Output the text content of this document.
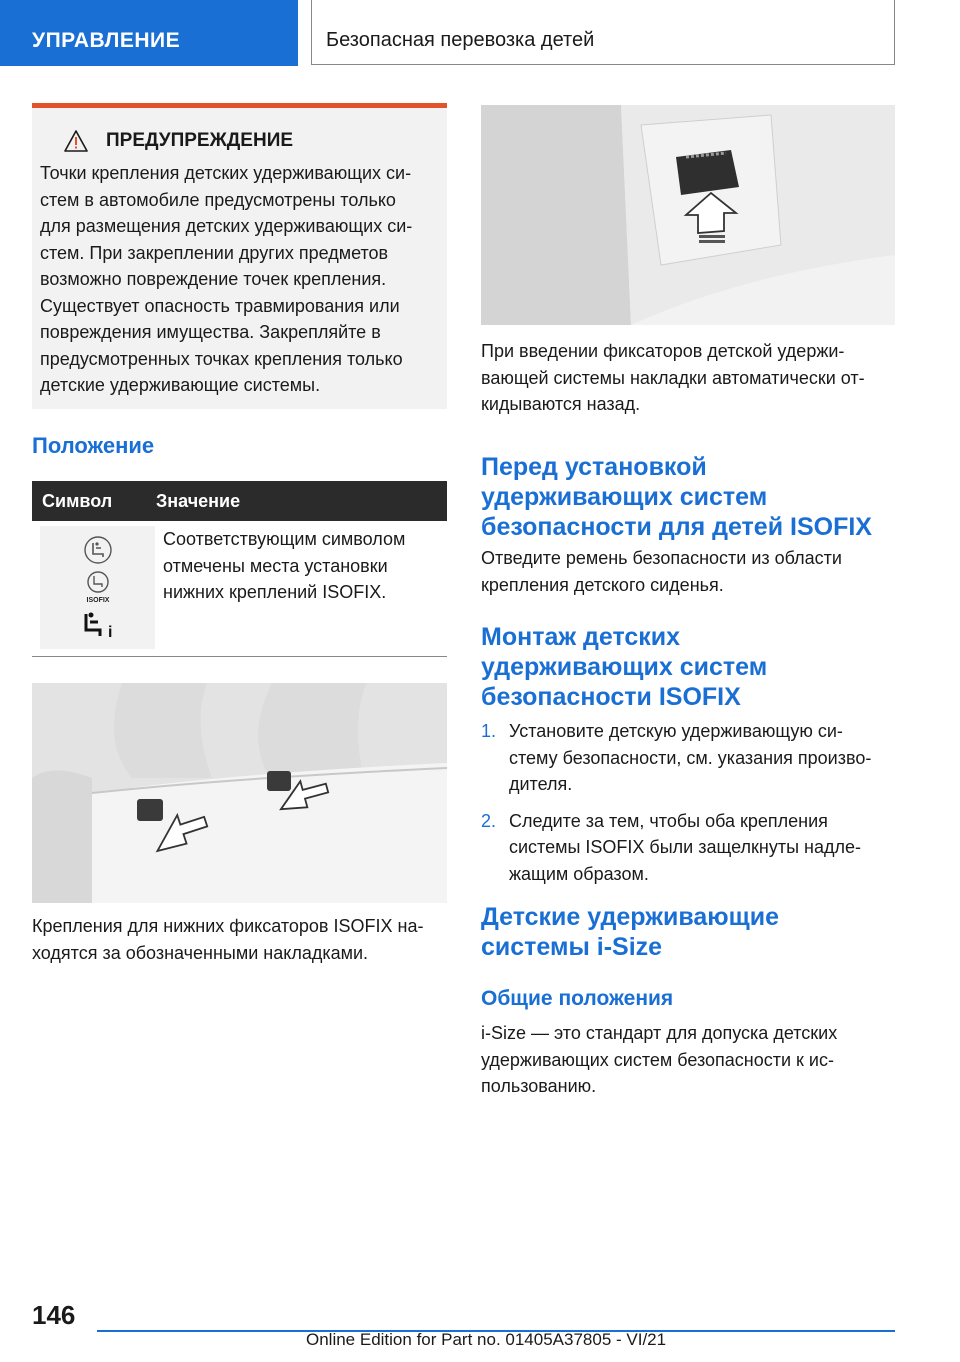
УПРАВЛЕНИЕ	Безопасная перевозка детей
ПРЕДУПРЕЖДЕНИЕ
Точки крепления детских удерживающих си-
стем в автомобиле предусмотрены только
для размещения детских удерживающих си-
стем. При закреплении других предметов
возможно повреждение точек крепления.
Существует опасность травмирования или
повреждения имущества. Закрепляйте в
предусмотренных точках крепления только
детские удерживающие системы.
Положение
Символ	Значение
ISOFIX
i
Соответствующим символом
отмечены места установки
нижних креплений ISOFIX.
Крепления для нижних фиксаторов ISOFIX на-
ходятся за обозначенными накладками.
При введении фиксаторов детской удержи-
вающей системы накладки автоматически от-
кидываются назад.
Перед установкой
удерживающих систем
безопасности для детей ISOFIX
Отведите ремень безопасности из области
крепления детского сиденья.
Монтаж детских
удерживающих систем
безопасности ISOFIX
1. Установите детскую удерживающую си-
стему безопасности, см. указания произво-
дителя.
2. Следите за тем, чтобы оба крепления
системы ISOFIX были защелкнуты надле-
жащим образом.
Детские удерживающие
системы i-Size
Общие положения
i-Size — это стандарт для допуска детских
удерживающих систем безопасности к ис-
пользованию.
146
Online Edition for Part no. 01405A37805 - VI/21
